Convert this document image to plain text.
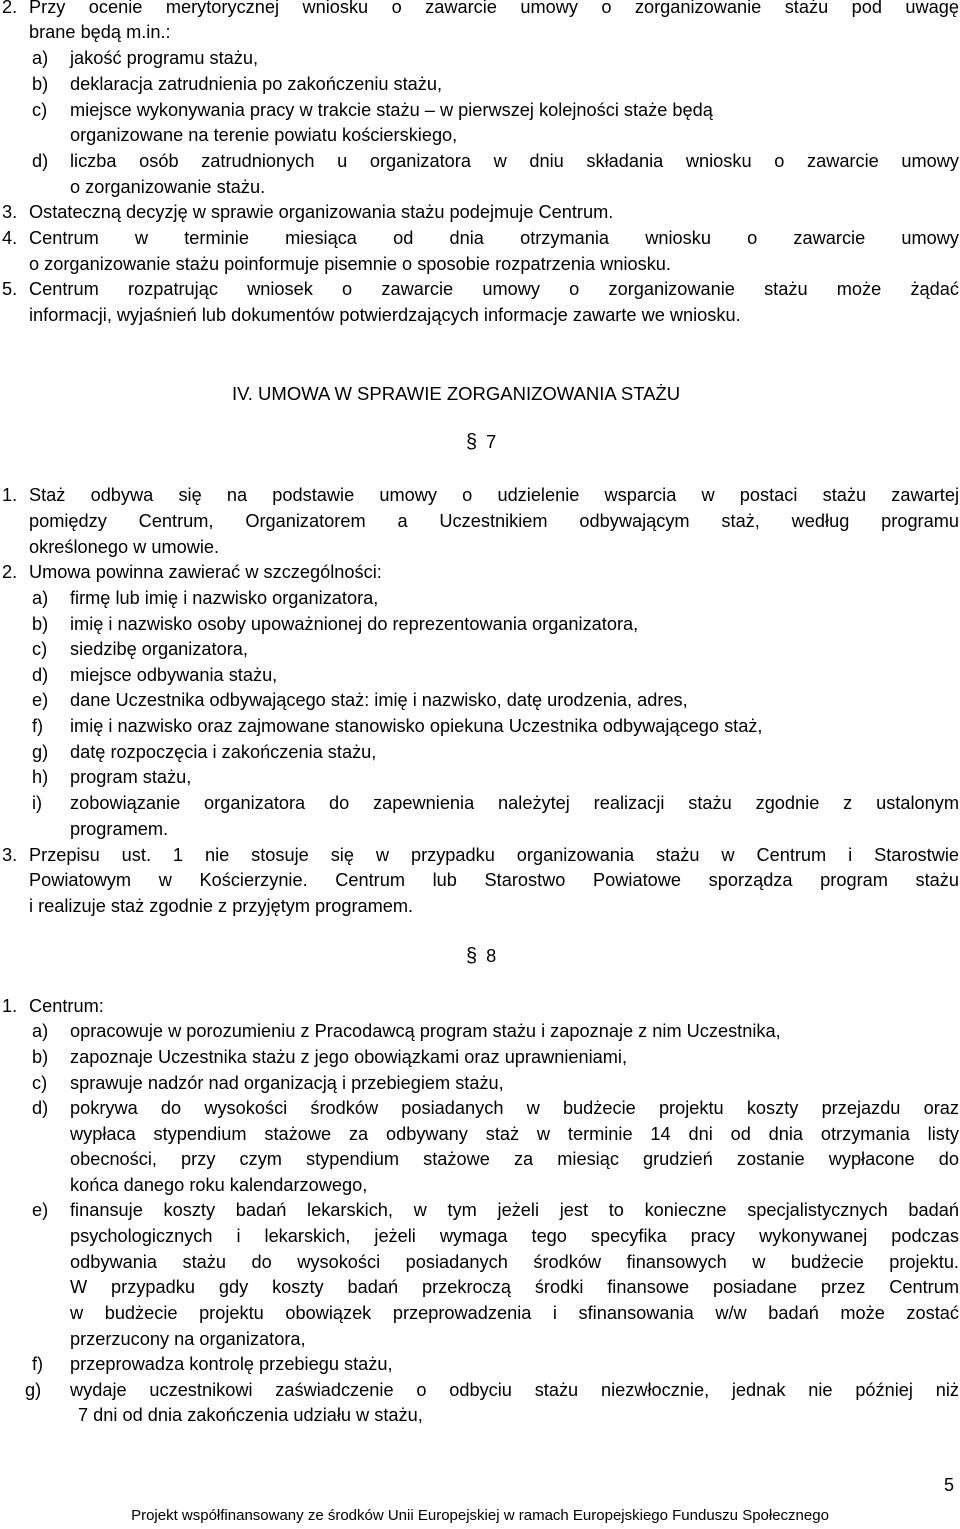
2. Przy ocenie merytorycznej wniosku o zawarcie umowy o zorganizowanie stażu pod uwagę
brane będą m.in.:
a) jakość programu stażu,
b) deklaracja zatrudnienia po zakończeniu stażu,
c) miejsce wykonywania pracy w trakcie stażu – w pierwszej kolejności staże będą
organizowane na terenie powiatu kościerskiego,
d) liczba osób zatrudnionych u organizatora w dniu składania wniosku o zawarcie umowy
o zorganizowanie stażu.
3. Ostateczną decyzję w sprawie organizowania stażu podejmuje Centrum.
4. Centrum w terminie miesiąca od dnia otrzymania wniosku o zawarcie umowy
o zorganizowanie stażu poinformuje pisemnie o sposobie rozpatrzenia wniosku.
5. Centrum rozpatrując wniosek o zawarcie umowy o zorganizowanie stażu może żądać
informacji, wyjaśnień lub dokumentów potwierdzających informacje zawarte we wniosku.
IV. UMOWA W SPRAWIE ZORGANIZOWANIA STAŻU
§ 7
1. Staż odbywa się na podstawie umowy o udzielenie wsparcia w postaci stażu zawartej
pomiędzy Centrum, Organizatorem a Uczestnikiem odbywającym staż, według programu
określonego w umowie.
2. Umowa powinna zawierać w szczególności:
a) firmę lub imię i nazwisko organizatora,
b) imię i nazwisko osoby upoważnionej do reprezentowania organizatora,
c) siedzibę organizatora,
d) miejsce odbywania stażu,
e) dane Uczestnika odbywającego staż: imię i nazwisko, datę urodzenia, adres,
f) imię i nazwisko oraz zajmowane stanowisko opiekuna Uczestnika odbywającego staż,
g) datę rozpoczęcia i zakończenia stażu,
h) program stażu,
i) zobowiązanie organizatora do zapewnienia należytej realizacji stażu zgodnie z ustalonym
programem.
3. Przepisu ust. 1 nie stosuje się w przypadku organizowania stażu w Centrum i Starostwie
Powiatowym w Kościerzynie. Centrum lub Starostwo Powiatowe sporządza program stażu
i realizuje staż zgodnie z przyjętym programem.
§ 8
1. Centrum:
a) opracowuje w porozumieniu z Pracodawcą program stażu i zapoznaje z nim Uczestnika,
b) zapoznaje Uczestnika stażu z jego obowiązkami oraz uprawnieniami,
c) sprawuje nadzór nad organizacją i przebiegiem stażu,
d) pokrywa do wysokości środków posiadanych w budżecie projektu koszty przejazdu oraz
wypłaca stypendium stażowe za odbywany staż w terminie 14 dni od dnia otrzymania listy
obecności, przy czym stypendium stażowe za miesiąc grudzień zostanie wypłacone do
końca danego roku kalendarzowego,
e) finansuje koszty badań lekarskich, w tym jeżeli jest to konieczne specjalistycznych badań
psychologicznych i lekarskich, jeżeli wymaga tego specyfika pracy wykonywanej podczas
odbywania stażu do wysokości posiadanych środków finansowych w budżecie projektu.
W przypadku gdy koszty badań przekroczą środki finansowe posiadane przez Centrum
w budżecie projektu obowiązek przeprowadzenia i sfinansowania w/w badań może zostać
przerzucony na organizatora,
f) przeprowadza kontrolę przebiegu stażu,
g) wydaje uczestnikowi zaświadczenie o odbyciu stażu niezwłocznie, jednak nie później niż
7 dni od dnia zakończenia udziału w stażu,
5
Projekt współfinansowany ze środków Unii Europejskiej w ramach Europejskiego Funduszu Społecznego
